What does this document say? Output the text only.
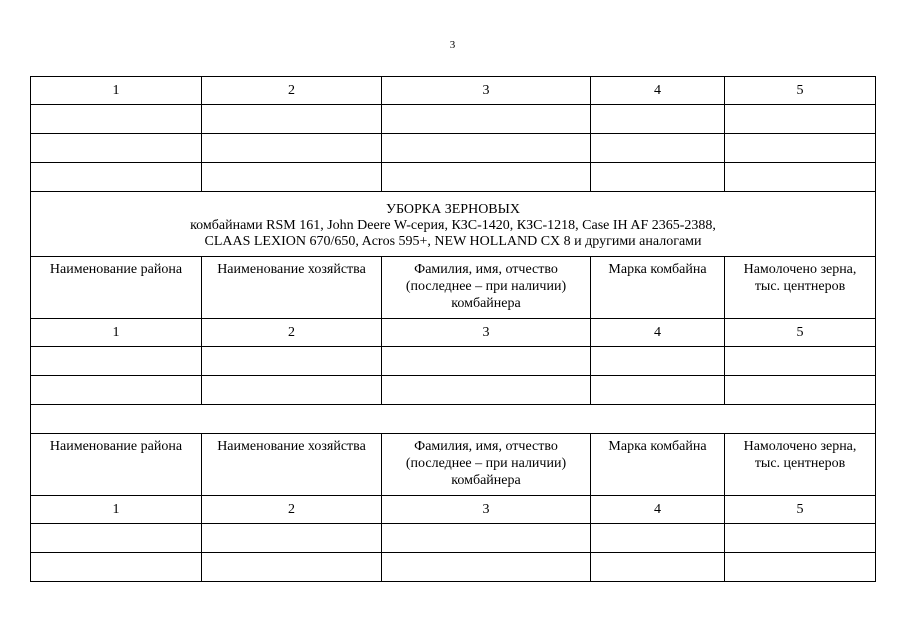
3
1	2	3	4	5

УБОРКА ЗЕРНОВЫХ
комбайнами RSM 161, John Deere W-серия, КЗС-1420, КЗС-1218, Case IH AF 2365-2388,
CLAAS LEXION 670/650, Acros 595+, NEW HOLLAND CX 8 и другими аналогами				

Наименование района	Наименование хозяйства	Фамилия, имя, отчество
(последнее – при наличии)
комбайнера	Марка комбайна	Намолочено зерна,
тыс. центнеров

1	2	3	4	5

Наименование района	Наименование хозяйства	Фамилия, имя, отчество
(последнее – при наличии)
комбайнера	Марка комбайна	Намолочено зерна,
тыс. центнеров

1	2	3	4	5
